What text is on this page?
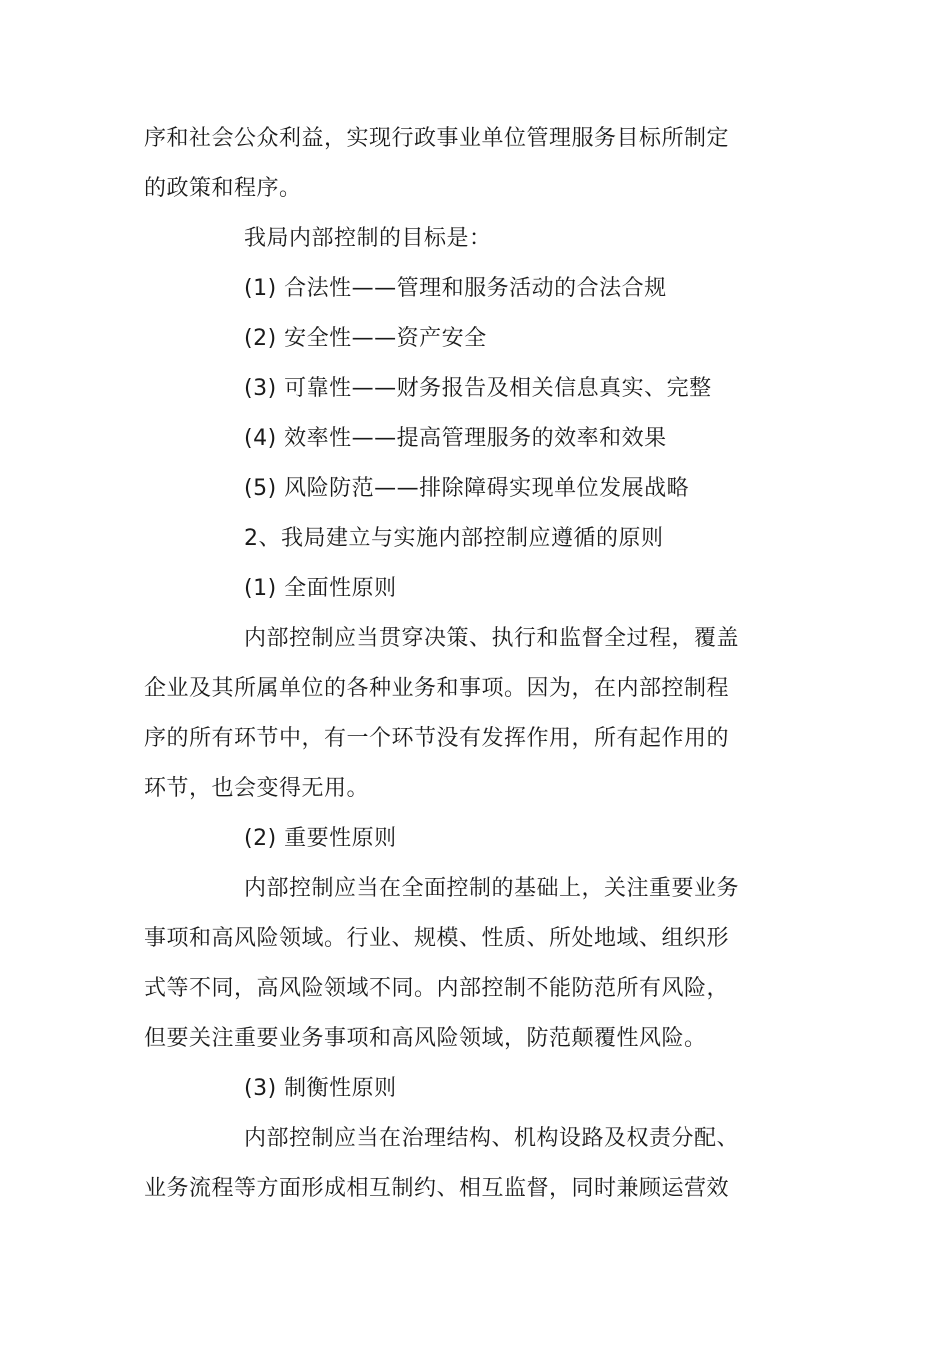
序和社会公众利益，实现行政事业单位管理服务目标所制定
的政策和程序。
我局内部控制的目标是：
(1) 合法性——管理和服务活动的合法合规
(2) 安全性——资产安全
(3) 可靠性——财务报告及相关信息真实、完整
(4) 效率性——提高管理服务的效率和效果
(5) 风险防范——排除障碍实现单位发展战略
2、我局建立与实施内部控制应遵循的原则
(1) 全面性原则
内部控制应当贯穿决策、执行和监督全过程，覆盖
企业及其所属单位的各种业务和事项。因为，在内部控制程
序的所有环节中，有一个环节没有发挥作用，所有起作用的
环节，也会变得无用。
(2) 重要性原则
内部控制应当在全面控制的基础上，关注重要业务
事项和高风险领域。行业、规模、性质、所处地域、组织形
式等不同，高风险领域不同。内部控制不能防范所有风险，
但要关注重要业务事项和高风险领域，防范颠覆性风险。
(3) 制衡性原则
内部控制应当在治理结构、机构设路及权责分配、
业务流程等方面形成相互制约、相互监督，同时兼顾运营效
